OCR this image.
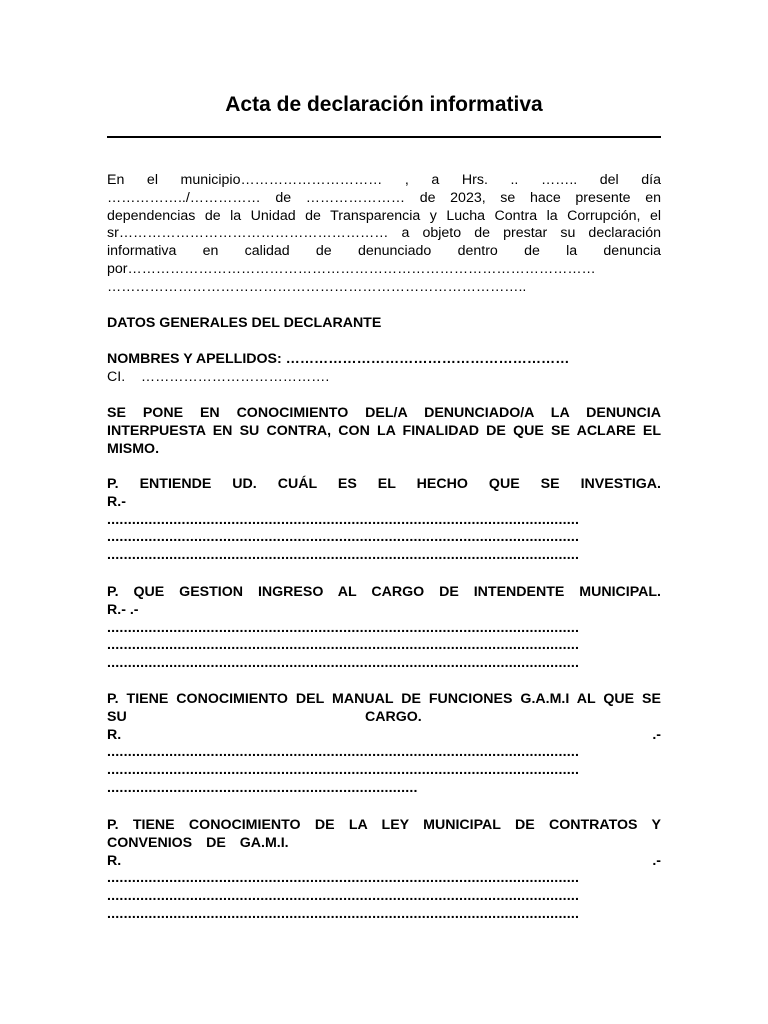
Acta de declaración informativa
En el municipio………………………… , a Hrs. .. …….. del día
……………../…………… de ………………… de 2023, se hace presente en
dependencias de la Unidad de Transparencia y Lucha Contra la Corrupción, el
sr………………………………………………… a objeto de prestar su declaración
informativa en calidad de denunciado dentro de la denuncia
por………………………………………………………………………………………
……………………………………………………………………………..
DATOS GENERALES DEL DECLARANTE
NOMBRES Y APELLIDOS: ……………………………………………………
CI.    ………………………………….
SE PONE EN CONOCIMIENTO DEL/A DENUNCIADO/A LA DENUNCIA
INTERPUESTA EN SU CONTRA, CON LA FINALIDAD DE QUE SE ACLARE EL
MISMO.
P. ENTIENDE UD. CUÁL ES EL HECHO QUE SE INVESTIGA.
R.-
..................................................................................................................
..................................................................................................................
..................................................................................................................
P. QUE GESTION INGRESO AL CARGO DE INTENDENTE MUNICIPAL.
R.- .-
..................................................................................................................
..................................................................................................................
..................................................................................................................
P. TIENE CONOCIMIENTO DEL MANUAL DE FUNCIONES G.A.M.I AL QUE SE
SU	CARGO.
R.	.-
..................................................................................................................
..................................................................................................................
...........................................................................
P. TIENE CONOCIMIENTO DE LA LEY MUNICIPAL DE CONTRATOS Y
CONVENIOS DE GA.M.I.
R.	.-
..................................................................................................................
..................................................................................................................
..................................................................................................................
